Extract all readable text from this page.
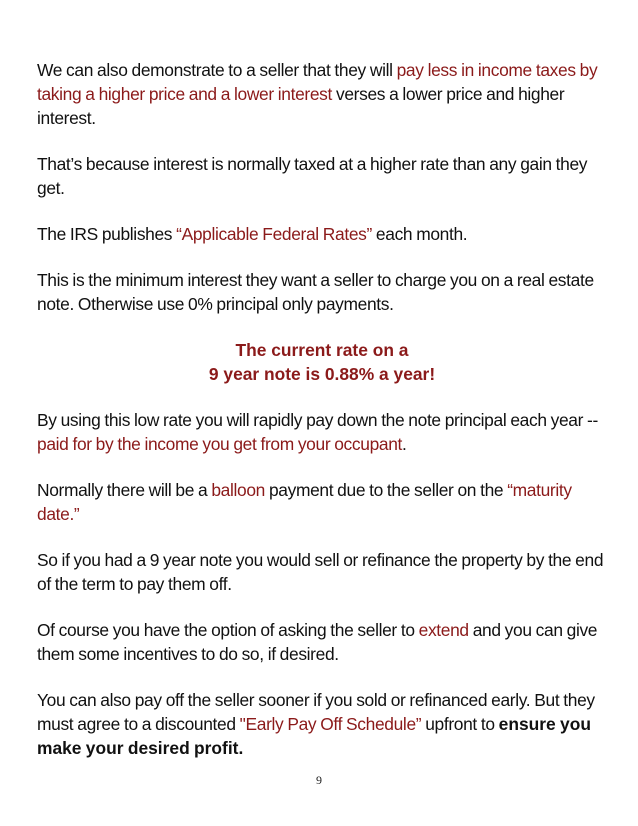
We can also demonstrate to a seller that they will pay less in income taxes by taking a higher price and a lower interest verses a lower price and higher interest.

That’s because interest is normally taxed at a higher rate than any gain they get.

The IRS publishes “Applicable Federal Rates” each month.

This is the minimum interest they want a seller to charge you on a real estate note. Otherwise use 0% principal only payments.

The current rate on a
9 year note is 0.88% a year!

By using this low rate you will rapidly pay down the note principal each year -- paid for by the income you get from your occupant.

Normally there will be a balloon payment due to the seller on the “maturity date.”

So if you had a 9 year note you would sell or refinance the property by the end of the term to pay them off.

Of course you have the option of asking the seller to extend and you can give them some incentives to do so, if desired.

You can also pay off the seller sooner if you sold or refinanced early. But they must agree to a discounted "Early Pay Off Schedule” upfront to ensure you make your desired profit.

9
